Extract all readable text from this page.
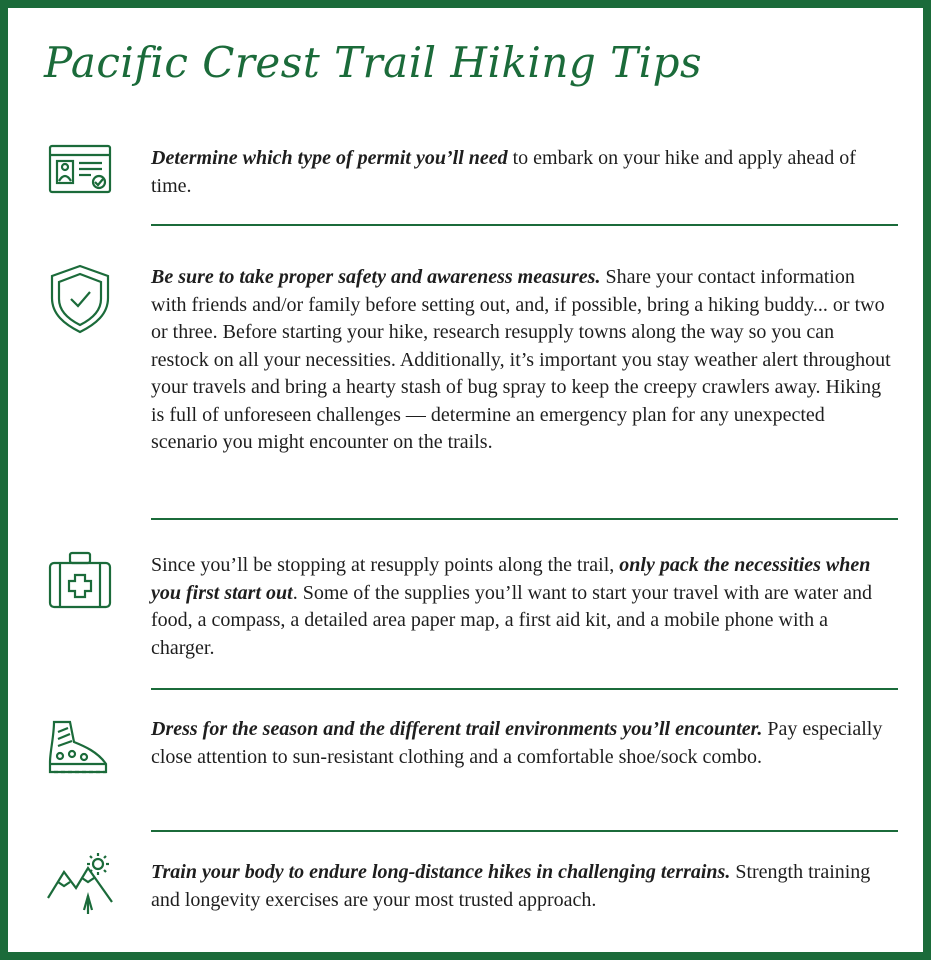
Pacific Crest Trail Hiking Tips

Determine which type of permit you’ll need to embark on your hike and apply ahead of time.

Be sure to take proper safety and awareness measures. Share your contact information with friends and/or family before setting out, and, if possible, bring a hiking buddy... or two or three. Before starting your hike, research resupply towns along the way so you can restock on all your necessities. Additionally, it’s important you stay weather alert throughout your travels and bring a hearty stash of bug spray to keep the creepy crawlers away. Hiking is full of unforeseen challenges — determine an emergency plan for any unexpected scenario you might encounter on the trails.

Since you’ll be stopping at resupply points along the trail, only pack the necessities when you first start out. Some of the supplies you’ll want to start your travel with are water and food, a compass, a detailed area paper map, a first aid kit, and a mobile phone with a charger.

Dress for the season and the different trail environments you’ll encounter. Pay especially close attention to sun-resistant clothing and a comfortable shoe/sock combo.

Train your body to endure long-distance hikes in challenging terrains. Strength training and longevity exercises are your most trusted approach.
